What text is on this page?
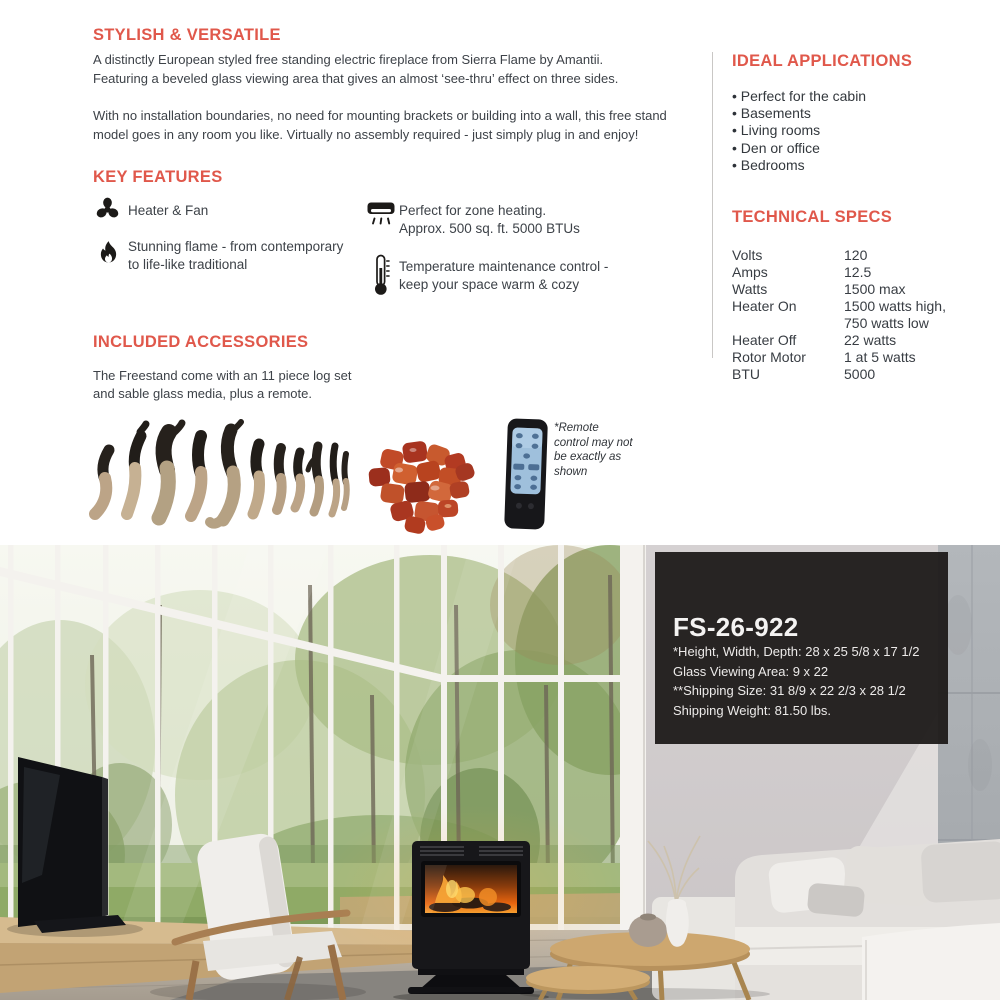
STYLISH & VERSATILE
A distinctly European styled free standing electric fireplace from Sierra Flame by Amantii.
Featuring a beveled glass viewing area that gives an almost ‘see-thru’ effect on three sides.
With no installation boundaries, no need for mounting brackets or building into a wall, this free stand
model goes in any room you like. Virtually no assembly required - just simply plug in and enjoy!
KEY FEATURES
Heater & Fan
Stunning flame - from contemporary
to life-like traditional
Perfect for zone heating.
Approx. 500 sq. ft. 5000 BTUs
Temperature maintenance control -
keep your space warm & cozy
INCLUDED ACCESSORIES
The Freestand come with an 11 piece log set
and sable glass media, plus a remote.
*Remote control may not be exactly as shown
IDEAL APPLICATIONS
• Perfect for the cabin
• Basements
• Living rooms
• Den or office
• Bedrooms
TECHNICAL SPECS
Volts	120
Amps	12.5
Watts	1500 max
Heater On	1500 watts high,
750 watts low
Heater Off	22 watts
Rotor Motor	1 at 5 watts
BTU	5000
FS-26-922
*Height, Width, Depth: 28 x 25 5/8 x 17 1/2
Glass Viewing Area: 9 x 22
**Shipping Size: 31 8/9 x 22 2/3 x 28 1/2
Shipping Weight: 81.50 lbs.
